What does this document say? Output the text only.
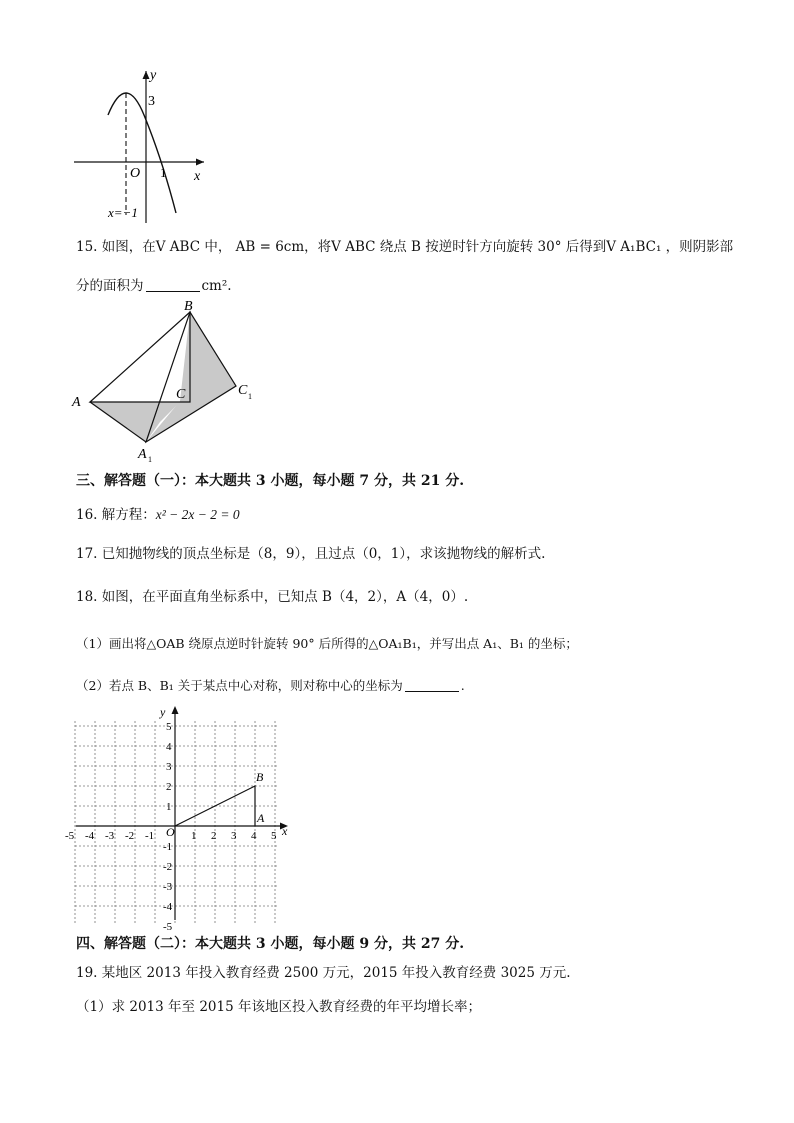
y
3
O 1 x
x=−1
15. 如图，在V ABC 中， AB = 6cm，将V ABC 绕点 B 按逆时针方向旋转 30° 后得到V A₁BC₁ ，则阴影部
分的面积为	cm².
B
A
C	C 1
A 1
三、解答题（一）：本大题共 3 小题，每小题 7 分，共 21 分.
16. 解方程：x² − 2x − 2 = 0
17. 已知抛物线的顶点坐标是（8，9），且过点（0，1），求该抛物线的解析式.
18. 如图，在平面直角坐标系中，已知点 B（4，2），A（4，0）.
（1）画出将△OAB 绕原点逆时针旋转 90° 后所得的△OA₁B₁，并写出点 A₁、B₁ 的坐标；
（2）若点 B、B₁ 关于某点中心对称，则对称中心的坐标为	.
-5 -4 -3 -2 -1	1 2 3 4 5
5
4
3
2
1
-1
-2
-3
-4
-5
x
y
O
B
A
四、解答题（二）：本大题共 3 小题，每小题 9 分，共 27 分.
19. 某地区 2013 年投入教育经费 2500 万元，2015 年投入教育经费 3025 万元.
（1）求 2013 年至 2015 年该地区投入教育经费的年平均增长率；
